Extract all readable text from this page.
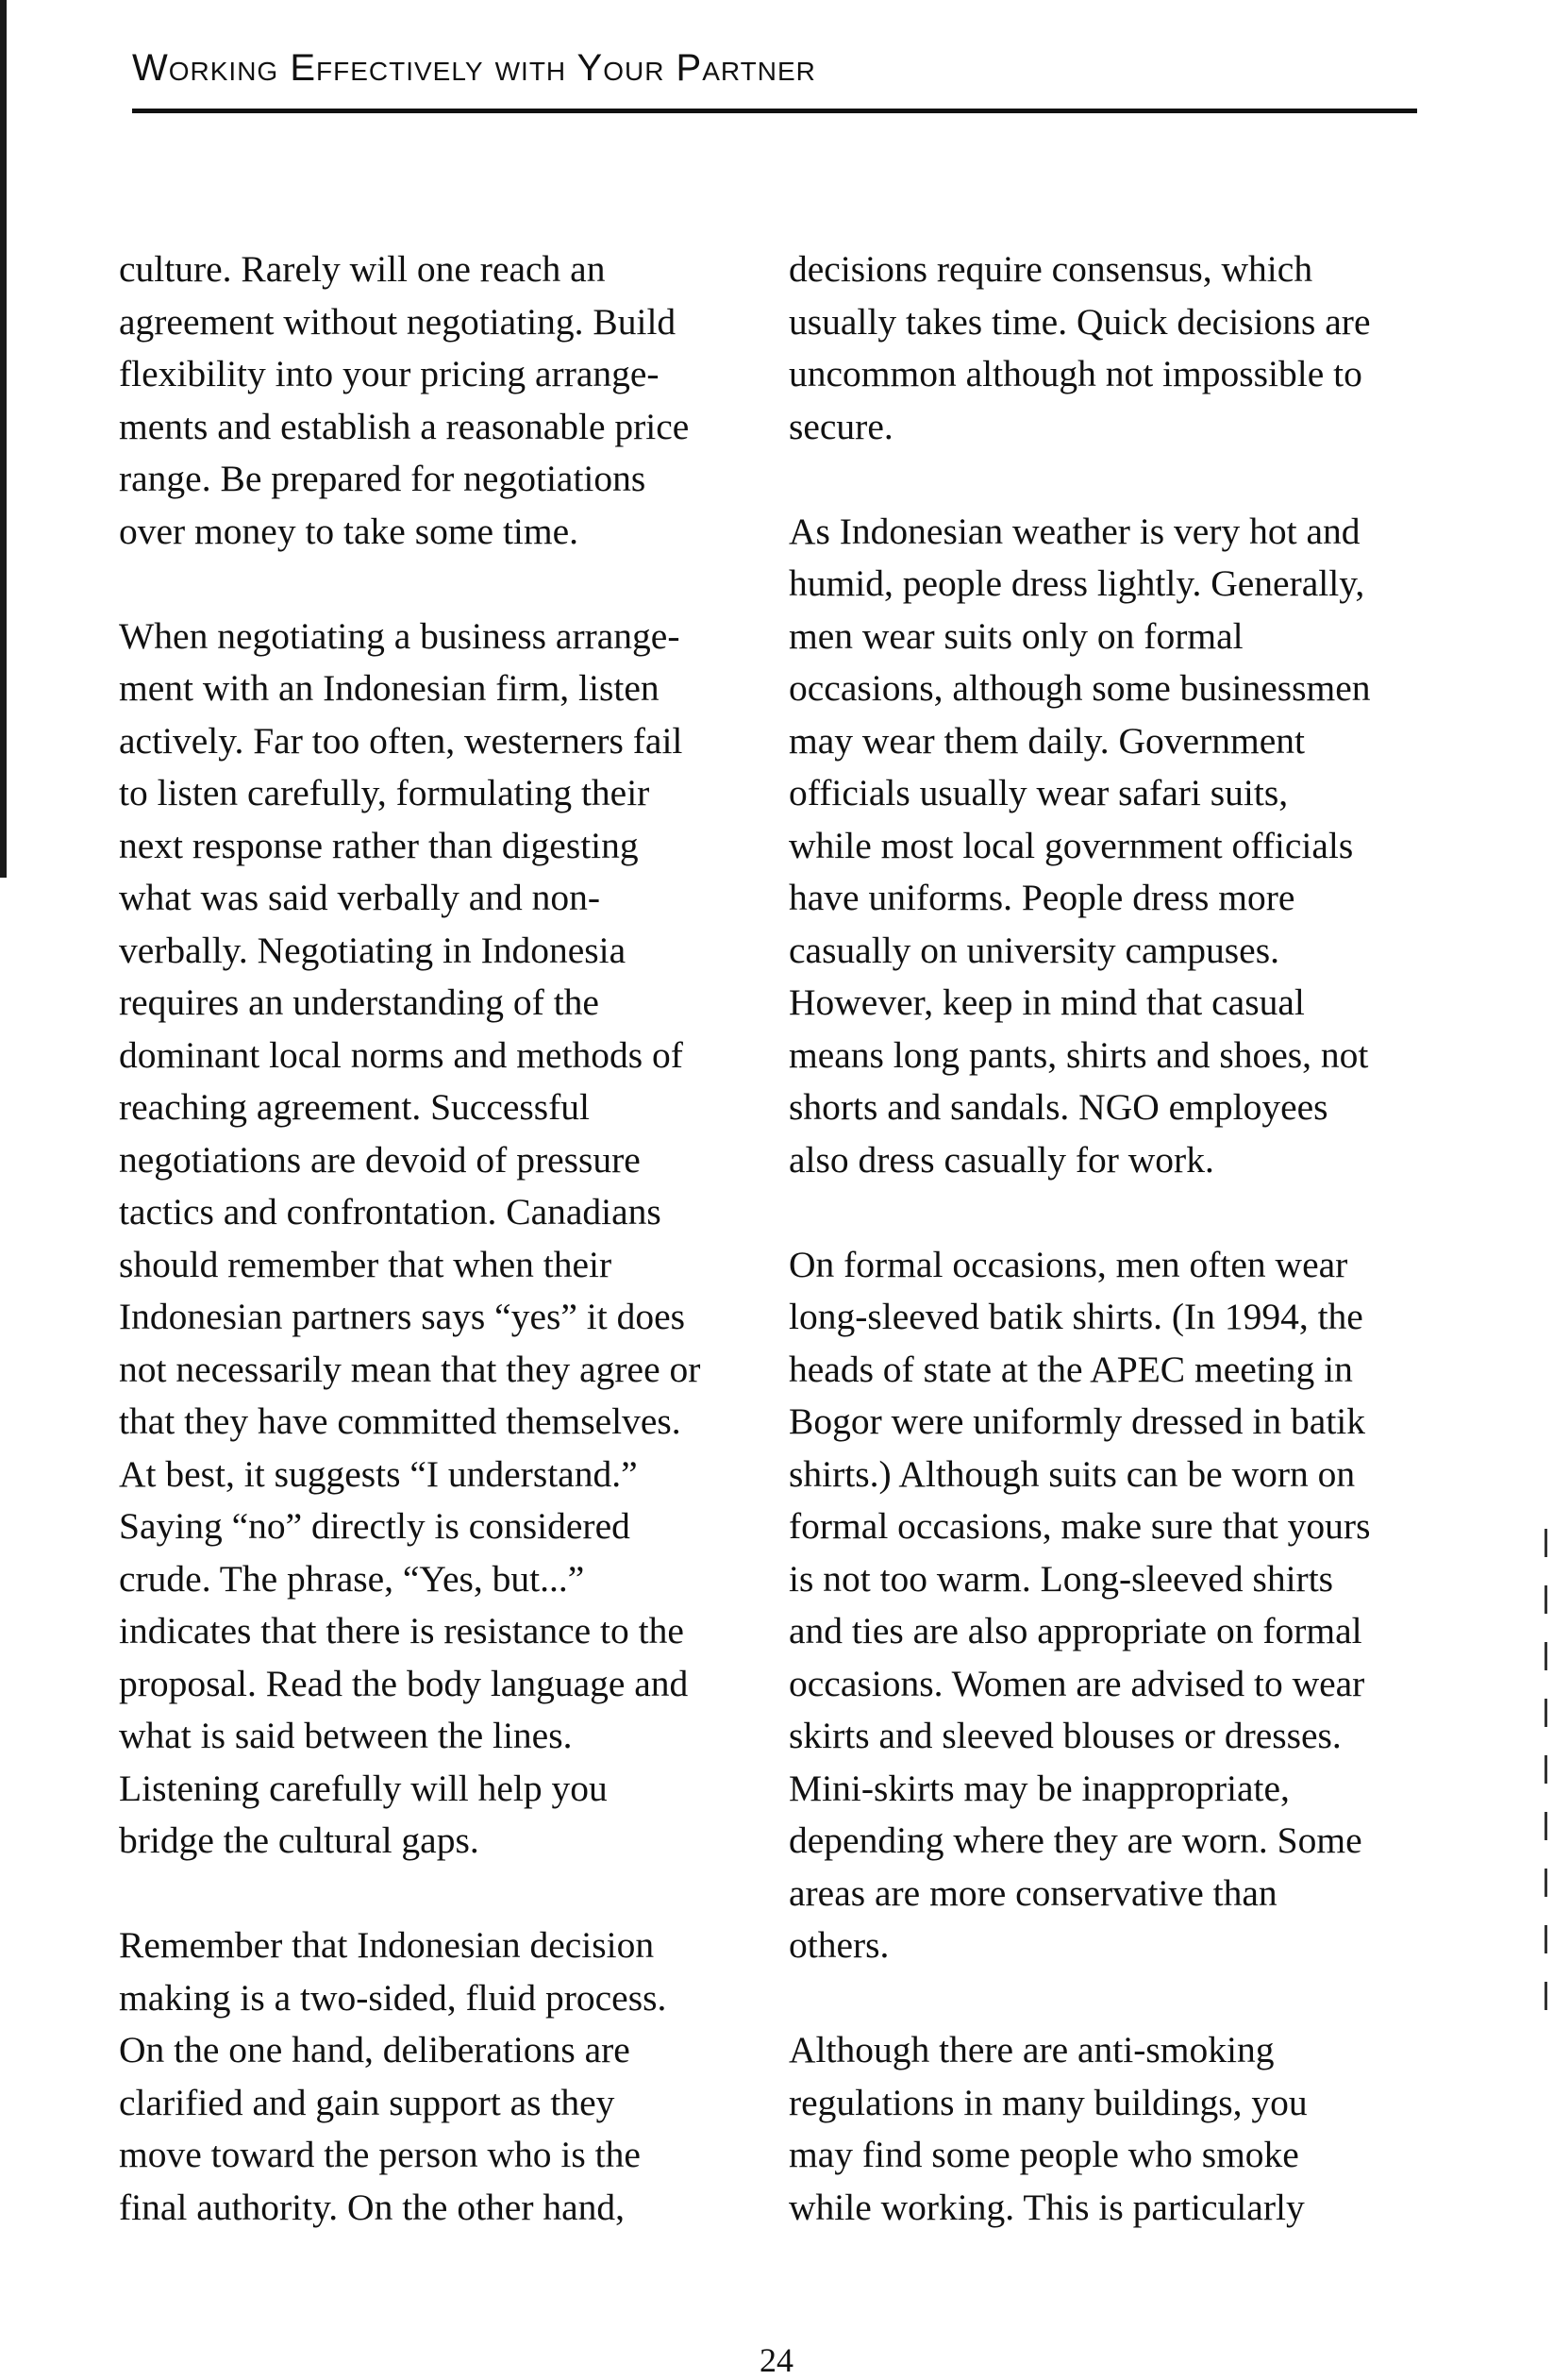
Working Effectively with Your Partner

culture. Rarely will one reach an
agreement without negotiating. Build
flexibility into your pricing arrange-
ments and establish a reasonable price
range. Be prepared for negotiations
over money to take some time.

When negotiating a business arrange-
ment with an Indonesian firm, listen
actively. Far too often, westerners fail
to listen carefully, formulating their
next response rather than digesting
what was said verbally and non-
verbally. Negotiating in Indonesia
requires an understanding of the
dominant local norms and methods of
reaching agreement. Successful
negotiations are devoid of pressure
tactics and confrontation. Canadians
should remember that when their
Indonesian partners says “yes” it does
not necessarily mean that they agree or
that they have committed themselves.
At best, it suggests “I understand.”
Saying “no” directly is considered
crude. The phrase, “Yes, but...”
indicates that there is resistance to the
proposal. Read the body language and
what is said between the lines.
Listening carefully will help you
bridge the cultural gaps.

Remember that Indonesian decision
making is a two-sided, fluid process.
On the one hand, deliberations are
clarified and gain support as they
move toward the person who is the
final authority. On the other hand,

decisions require consensus, which
usually takes time. Quick decisions are
uncommon although not impossible to
secure.

As Indonesian weather is very hot and
humid, people dress lightly. Generally,
men wear suits only on formal
occasions, although some businessmen
may wear them daily. Government
officials usually wear safari suits,
while most local government officials
have uniforms. People dress more
casually on university campuses.
However, keep in mind that casual
means long pants, shirts and shoes, not
shorts and sandals. NGO employees
also dress casually for work.

On formal occasions, men often wear
long-sleeved batik shirts. (In 1994, the
heads of state at the APEC meeting in
Bogor were uniformly dressed in batik
shirts.) Although suits can be worn on
formal occasions, make sure that yours
is not too warm. Long-sleeved shirts
and ties are also appropriate on formal
occasions. Women are advised to wear
skirts and sleeved blouses or dresses.
Mini-skirts may be inappropriate,
depending where they are worn. Some
areas are more conservative than
others.

Although there are anti-smoking
regulations in many buildings, you
may find some people who smoke
while working. This is particularly

24
